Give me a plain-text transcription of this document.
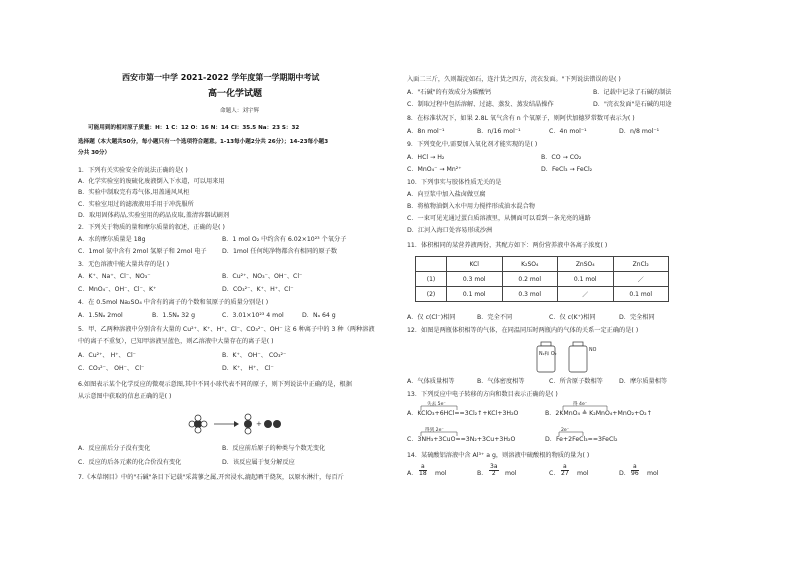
西安市第一中学 2021-2022 学年度第一学期期中考试
高一化学试题
命题人：刘宇辉
可能用到的相对原子质量：H：1 C：12 O：16 N：14 Cl：35.5 Na：23 S：32
选择题（本大题共50分，每小题只有一个选项符合题意。1-13每小题2分共 26分）；14-23每小题3
分共 30分）
1．下列有关实验安全的说法正确的是( )
A．化学实验室的废硫化废液倒入下水道，可以用来用
B．实验中制取完有毒气体,用盖通风风柜
C．实验室用过的滤液液用手用于冲洗服所
D．取用固体药品,实验室用的药品皮取,盖清容器试刷剂
2．下列关于物质的量和摩尔质量的叙述，正确的是( )
A．水的摩尔质量是 18g	B．1 mol O₂ 中约含有 6.02×10²³ 个氧分子
C．1mol 氨中含有 2mol 氢原子和 2mol 电子 D．1mol 任何纯净物都含有相同的原子数
3．无色溶液中能大量共存的是( )
A．K⁺、Na⁺、Cl⁻、NO₃⁻	B．Cu²⁺、NO₃⁻、OH⁻、Cl⁻
C．MnO₄⁻、OH⁻、Cl⁻、K⁺	D．CO₃²⁻、K⁺、H⁺、Cl⁻
4．在 0.5mol Na₂SO₄ 中含有的离子的个数和氧原子的质量分别是( )
A．1.5Nₐ 2mol	B．1.5Nₐ 32 g	C．3.01×10²³ 4 mol	D．Nₐ 64 g
5．甲、乙两种溶液中分别含有大量的 Cu²⁺、K⁺、H⁺、Cl⁻、CO₃²⁻、OH⁻ 这 6 种离子中的 3 种（两种溶液
中的离子不重复），已知甲溶液呈蓝色，则乙溶液中大量存在的离子是( )
A．Cu²⁺、 H⁺、 Cl⁻	B．K⁺、 OH⁻、 CO₃²⁻
C．CO₃²⁻、 OH⁻、 Cl⁻	D．K⁺、 H⁺、 Cl⁻
6.如图表示某个化学反应的微观示意图,其中不同小球代表不同的原子，则下列说法中正确的是，根据
从示意图中获取的信息正确的是( )
+
A．反应前后分子没有变化	B．反应前后原子的种类与个数无变化
C．反应的后各元素的化合价没有变化	D．该反应属于复分解反应
7.《本草纲目》中的"石碱"条目下记载"采蒿蓼之属,开窖浸水,漉起晒干烧灰，以原水淋汁，每百斤
入面二三斤，久则凝淀如石，连汁货之四方，浣衣发面。"下列说法错误的是( )
A．"石碱"的有效成分为碳酸钙	B．记载中记录了石碱的制法
C．制取过程中包括溶解、过滤、蒸发、蒸发结晶操作	D．"浣衣发面"是石碱的用途
8．在标准状况下，如果 2.8L 氧气含有 n 个氧原子，则阿伏加德罗常数可表示为( )
A．8n mol⁻¹	B．n/16 mol⁻¹	C．4n mol⁻¹	D．n/8 mol⁻¹
9．下列变化中,需要加入氧化剂才能实现的是( )
A．HCl → H₂	B．CO → CO₂
C．MnO₄⁻ → Mn²⁺	D．FeCl₃ → FeCl₂
10．下列事实与胶体性质无关的是
A．向豆浆中加入盐卤做豆腐
B．将植物油倒入水中用力搅拌形成油水混合物
C．一束可见光通过蛋白质溶液里，从侧面可以看到一条光亮的通路
D．江河入海口处容易形成沙洲
11．体积相同的某营养液两份，其配方如下：两份营养液中各离子浓度( )
	KCl	K₂SO₄	ZnSO₄	ZnCl₂
(1)	0.3 mol	0.2 mol	0.1 mol	／
(2)	0.1 mol	0.3 mol	／	0.1 mol
A．仅 c(Cl⁻)相同	B．完全不同	C．仅 c(K⁺)相同	D．完全相同
12．如图是两瓶体积相等的气体，在同温同压时两瓶内的气体的关系一定正确的是( )
N₂和 O₂
NO
A．气体质量相等	B．气体密度相等	C．所含原子数相等	D．摩尔质量相等
13．下列反应中电子转移的方向和数目表示正确的是( )
失去 5e⁻	得 4e⁻
得到 2e⁻	2e⁻
A．KClO₃+6HCl==3Cl₂↑+KCl+3H₂O	B．2KMnO₄ ≜ K₂MnO₄+MnO₂+O₂↑
C．3NH₃+3CuO==3N₂+3Cu+3H₂O	D．Fe+2FeCl₃==3FeCl₂
14．某硫酸铝溶液中含 Al³⁺ a g，则溶液中硫酸根的物质的量为( )
A． $\frac{a}{18}$ mol	B． $\frac{3a}{2}$ mol	C． $\frac{a}{27}$ mol	D． $\frac{a}{96}$ mol
